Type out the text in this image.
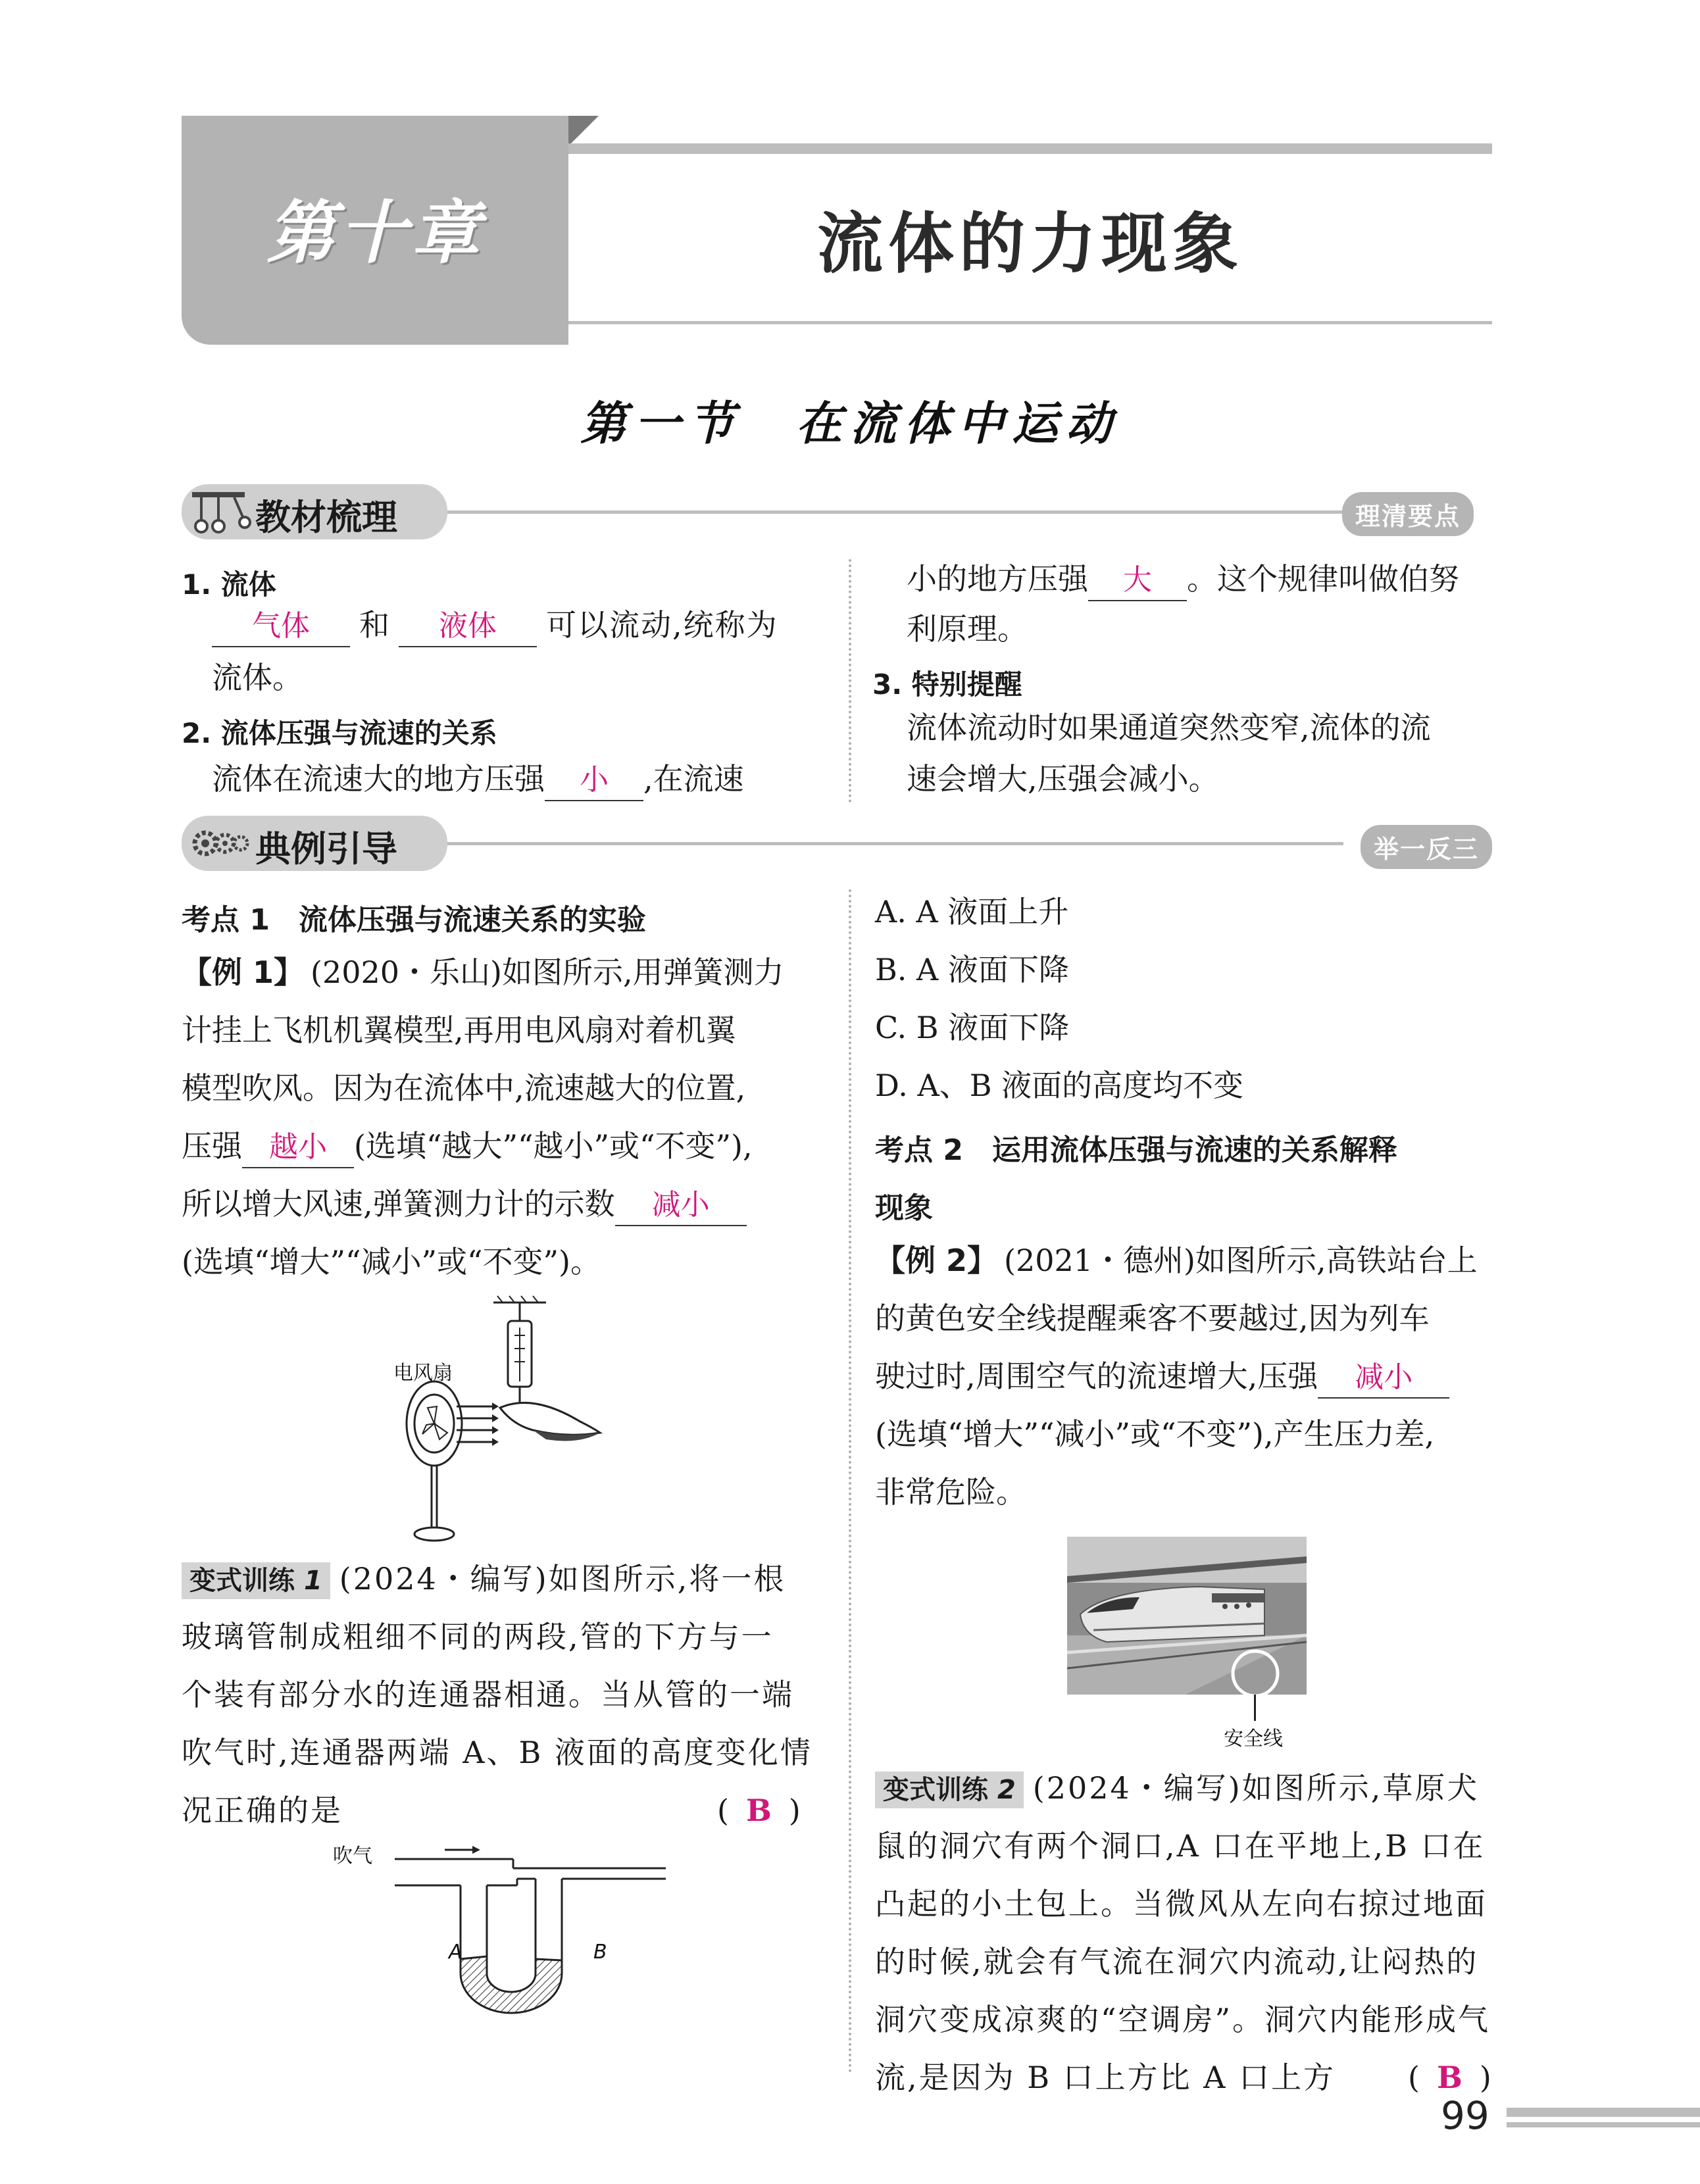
第十章	流体的力现象
第一节　在流体中运动
教材梳理	理清要点
1. 流体
气体 和 液体 可以流动,统称为
流体。
2. 流体压强与流速的关系
流体在流速大的地方压强 小 ,在流速
小的地方压强 大 。这个规律叫做伯努
利原理。
3. 特别提醒
流体流动时如果通道突然变窄,流体的流
速会增大,压强会减小。
典例引导	举一反三
考点 1　流体压强与流速关系的实验
【例 1】 (2020・乐山)如图所示,用弹簧测力
计挂上飞机机翼模型,再用电风扇对着机翼
模型吹风。因为在流体中,流速越大的位置,
压强 越小 (选填“越大”“越小”或“不变”),
所以增大风速,弹簧测力计的示数 减小
(选填“增大”“减小”或“不变”)。
电风扇
变式训练 1 (2024・编写)如图所示,将一根
玻璃管制成粗细不同的两段,管的下方与一
个装有部分水的连通器相通。当从管的一端
吹气时,连通器两端 A、B 液面的高度变化情
况正确的是	( B )
吹气
A	B
A. A 液面上升
B. A 液面下降
C. B 液面下降
D. A、B 液面的高度均不变
考点 2　运用流体压强与流速的关系解释
现象
【例 2】 (2021・德州)如图所示,高铁站台上
的黄色安全线提醒乘客不要越过,因为列车
驶过时,周围空气的流速增大,压强 减小
(选填“增大”“减小”或“不变”),产生压力差,
非常危险。
安全线
变式训练 2 (2024・编写)如图所示,草原犬
鼠的洞穴有两个洞口,A 口在平地上,B 口在
凸起的小土包上。当微风从左向右掠过地面
的时候,就会有气流在洞穴内流动,让闷热的
洞穴变成凉爽的“空调房”。洞穴内能形成气
流,是因为 B 口上方比 A 口上方 ( B )
99
